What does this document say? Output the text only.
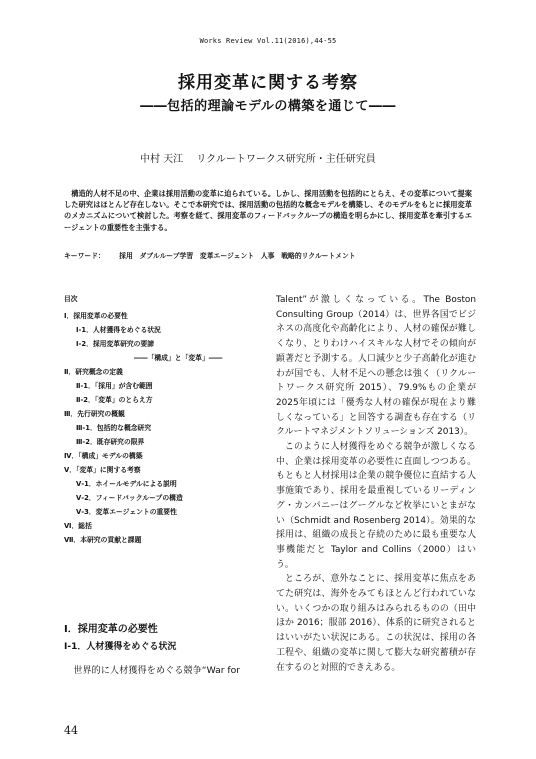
Works Review Vol.11(2016),44-55
採用変革に関する考察
――包括的理論モデルの構築を通じて――
中村 天江 リクルートワークス研究所・主任研究員
構造的人材不足の中、企業は採用活動の変革に迫られている。しかし、採用活動を包括的にとらえ、その変革について提案した研究はほとんど存在しない。そこで本研究では、採用活動の包括的な概念モデルを構築し、そのモデルをもとに採用変革のメカニズムについて検討した。考察を経て、採用変革のフィードバックループの構造を明らかにし、採用変革を牽引するエージェントの重要性を主張する。
キーワード： 採用　ダブルループ学習　変革エージェント　人事　戦略的リクルートメント
目次
Ⅰ．採用変革の必要性
Ⅰ-1．人材獲得をめぐる状況
Ⅰ-2．採用変革研究の要諦
――「構成」と「変革」――
Ⅱ．研究概念の定義
Ⅱ-1．「採用」が含む範囲
Ⅱ-2．「変革」のとらえ方
Ⅲ．先行研究の概観
Ⅲ-1．包括的な概念研究
Ⅲ-2．既存研究の限界
Ⅳ．「構成」モデルの構築
Ⅴ．「変革」に関する考察
Ⅴ-1．ホイールモデルによる説明
Ⅴ-2．フィードバックループの構造
Ⅴ-3．変革エージェントの重要性
Ⅵ．総括
Ⅶ．本研究の貢献と課題
Ⅰ．採用変革の必要性
Ⅰ-1．人材獲得をめぐる状況
世界的に人材獲得をめぐる競争“War for

Talent”が激しくなっている。The Boston Consulting Group（2014）は、世界各国でビジネスの高度化や高齢化により、人材の確保が難しくなり、とりわけハイスキルな人材でその傾向が顕著だと予測する。人口減少と少子高齢化が進むわが国でも、人材不足への懸念は強く（リクルートワークス研究所 2015）、79.9%もの企業が2025年頃には「優秀な人材の確保が現在より難しくなっている」と回答する調査も存在する（リクルートマネジメントソリューションズ 2013）。

このように人材獲得をめぐる競争が激しくなる中、企業は採用変革の必要性に直面しつつある。もともと人材採用は企業の競争優位に直結する人事施策であり、採用を最重視しているリーディング・カンパニーはグーグルなど枚挙にいとまがない（Schmidt and Rosenberg 2014）。効果的な採用は、組織の成長と存続のために最も重要な人事機能だと Taylor and Collins（2000）はいう。

ところが、意外なことに、採用変革に焦点をあてた研究は、海外をみてもほとんど行われていない。いくつかの取り組みはみられるものの（田中ほか 2016；服部 2016）、体系的に研究されるとはいいがたい状況にある。この状況は、採用の各工程や、組織の変革に関して膨大な研究蓄積が存在するのと対照的できえある。

44
